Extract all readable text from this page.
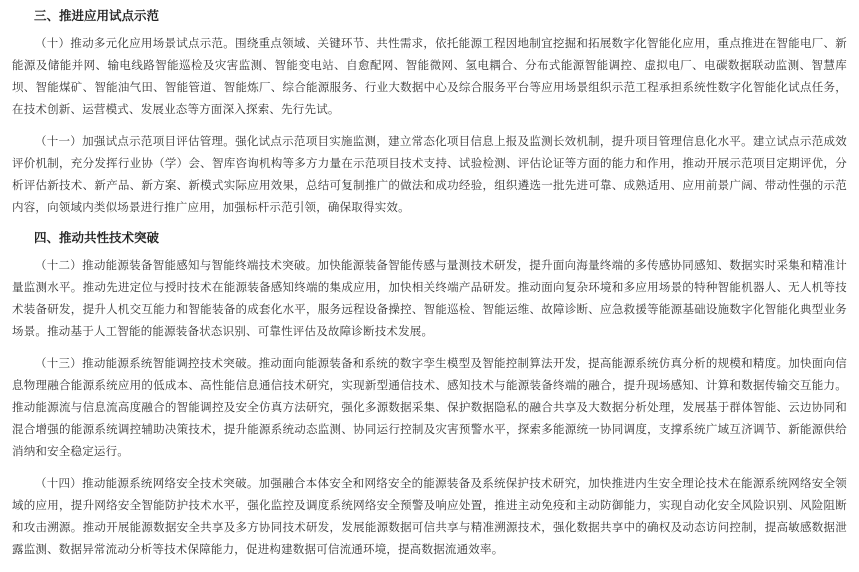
三、推进应用试点示范

（十）推动多元化应用场景试点示范。围绕重点领域、关键环节、共性需求，依托能源工程因地制宜挖掘和拓展数字化智能化应用，重点推进在智能电厂、新能源及储能并网、输电线路智能巡检及灾害监测、智能变电站、自愈配网、智能微网、氢电耦合、分布式能源智能调控、虚拟电厂、电碳数据联动监测、智慧库坝、智能煤矿、智能油气田、智能管道、智能炼厂、综合能源服务、行业大数据中心及综合服务平台等应用场景组织示范工程承担系统性数字化智能化试点任务，在技术创新、运营模式、发展业态等方面深入探索、先行先试。

（十一）加强试点示范项目评估管理。强化试点示范项目实施监测，建立常态化项目信息上报及监测长效机制，提升项目管理信息化水平。建立试点示范成效评价机制，充分发挥行业协（学）会、智库咨询机构等多方力量在示范项目技术支持、试验检测、评估论证等方面的能力和作用，推动开展示范项目定期评优，分析评估新技术、新产品、新方案、新模式实际应用效果，总结可复制推广的做法和成功经验，组织遴选一批先进可靠、成熟适用、应用前景广阔、带动性强的示范内容，向领域内类似场景进行推广应用，加强标杆示范引领，确保取得实效。

四、推动共性技术突破

（十二）推动能源装备智能感知与智能终端技术突破。加快能源装备智能传感与量测技术研发，提升面向海量终端的多传感协同感知、数据实时采集和精准计量监测水平。推动先进定位与授时技术在能源装备感知终端的集成应用，加快相关终端产品研发。推动面向复杂环境和多应用场景的特种智能机器人、无人机等技术装备研发，提升人机交互能力和智能装备的成套化水平，服务远程设备操控、智能巡检、智能运维、故障诊断、应急救援等能源基础设施数字化智能化典型业务场景。推动基于人工智能的能源装备状态识别、可靠性评估及故障诊断技术发展。

（十三）推动能源系统智能调控技术突破。推动面向能源装备和系统的数字孪生模型及智能控制算法开发，提高能源系统仿真分析的规模和精度。加快面向信息物理融合能源系统应用的低成本、高性能信息通信技术研究，实现新型通信技术、感知技术与能源装备终端的融合，提升现场感知、计算和数据传输交互能力。推动能源流与信息流高度融合的智能调控及安全仿真方法研究，强化多源数据采集、保护数据隐私的融合共享及大数据分析处理，发展基于群体智能、云边协同和混合增强的能源系统调控辅助决策技术，提升能源系统动态监测、协同运行控制及灾害预警水平，探索多能源统一协同调度，支撑系统广域互济调节、新能源供给消纳和安全稳定运行。

（十四）推动能源系统网络安全技术突破。加强融合本体安全和网络安全的能源装备及系统保护技术研究，加快推进内生安全理论技术在能源系统网络安全领域的应用，提升网络安全智能防护技术水平，强化监控及调度系统网络安全预警及响应处置，推进主动免疫和主动防御能力，实现自动化安全风险识别、风险阻断和攻击溯源。推动开展能源数据安全共享及多方协同技术研发，发展能源数据可信共享与精准溯源技术，强化数据共享中的确权及动态访问控制，提高敏感数据泄露监测、数据异常流动分析等技术保障能力，促进构建数据可信流通环境，提高数据流通效率。
